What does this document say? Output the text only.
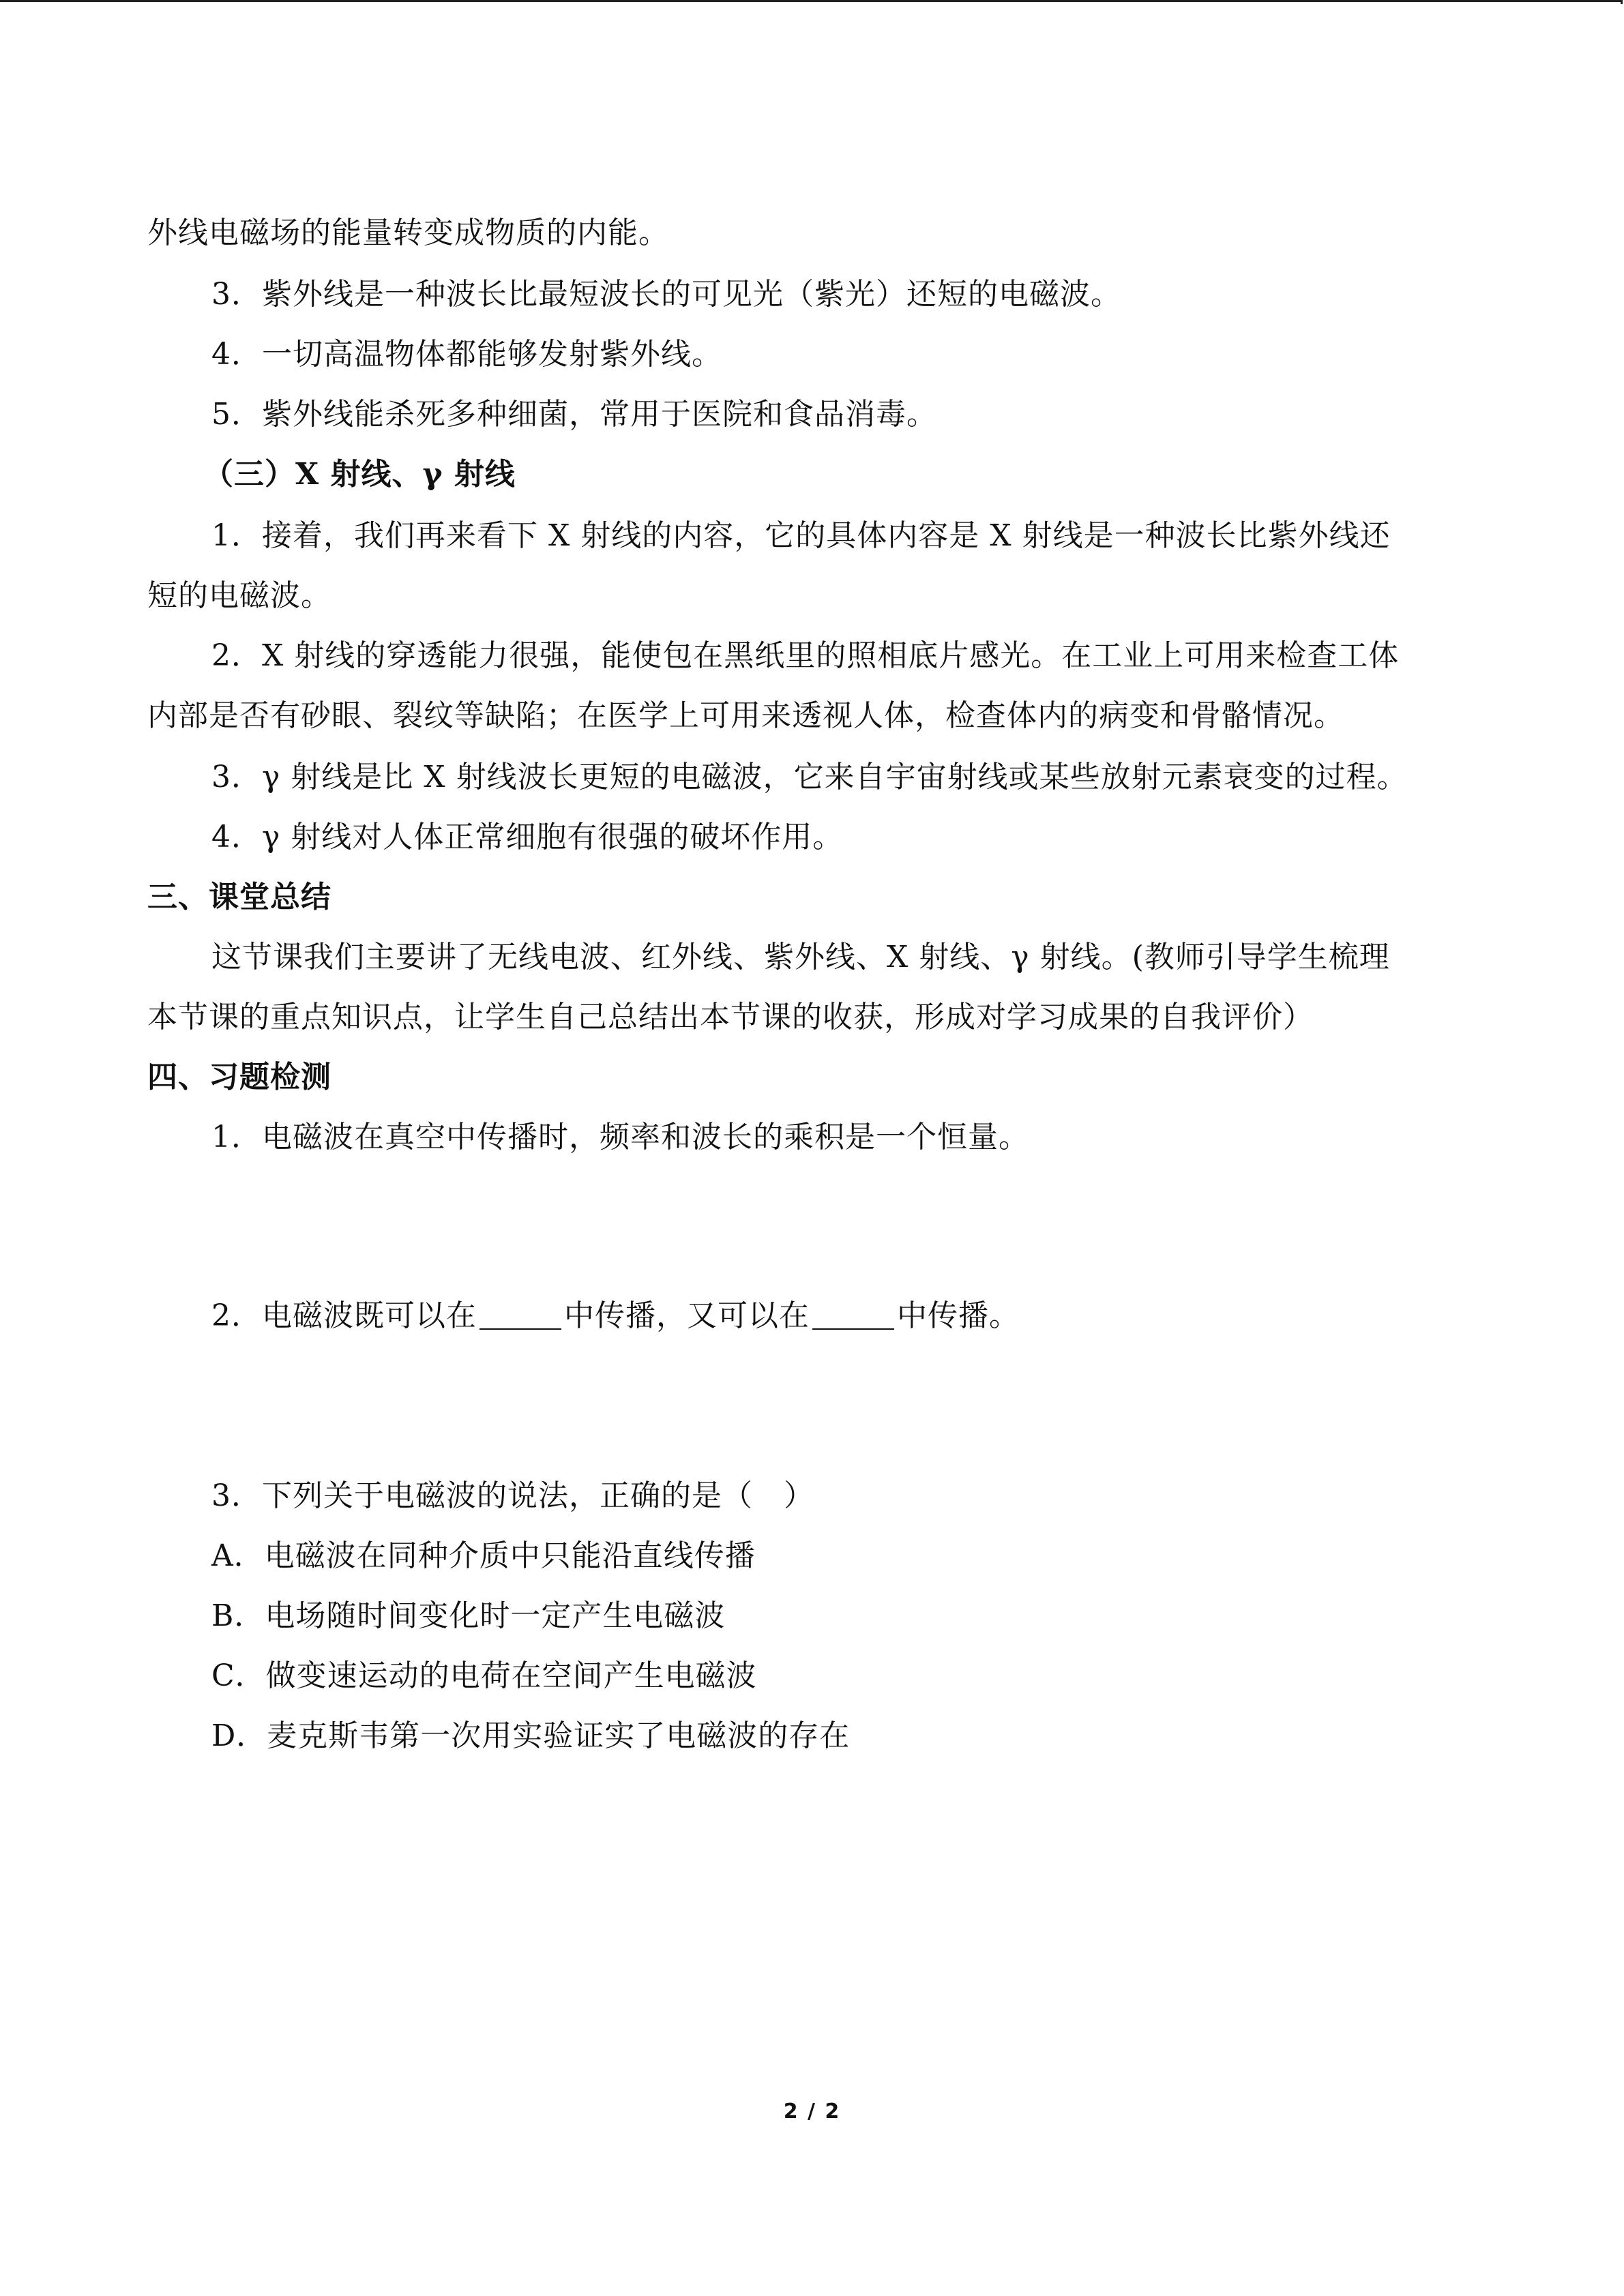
外线电磁场的能量转变成物质的内能。
3．紫外线是一种波长比最短波长的可见光（紫光）还短的电磁波。
4．一切高温物体都能够发射紫外线。
5．紫外线能杀死多种细菌，常用于医院和食品消毒。
（三）X 射线、γ 射线
1．接着，我们再来看下 X 射线的内容，它的具体内容是 X 射线是一种波长比紫外线还
短的电磁波。
2．X 射线的穿透能力很强，能使包在黑纸里的照相底片感光。在工业上可用来检查工体
内部是否有砂眼、裂纹等缺陷；在医学上可用来透视人体，检查体内的病变和骨骼情况。
3．γ 射线是比 X 射线波长更短的电磁波，它来自宇宙射线或某些放射元素衰变的过程。
4．γ 射线对人体正常细胞有很强的破坏作用。
三、课堂总结
这节课我们主要讲了无线电波、红外线、紫外线、X 射线、γ 射线。(教师引导学生梳理
本节课的重点知识点，让学生自己总结出本节课的收获，形成对学习成果的自我评价）
四、习题检测
1．电磁波在真空中传播时，频率和波长的乘积是一个恒量。
2．电磁波既可以在	中传播，又可以在	中传播。
3．下列关于电磁波的说法，正确的是（　）
A．电磁波在同种介质中只能沿直线传播
B．电场随时间变化时一定产生电磁波
C．做变速运动的电荷在空间产生电磁波
D．麦克斯韦第一次用实验证实了电磁波的存在
2 / 2
